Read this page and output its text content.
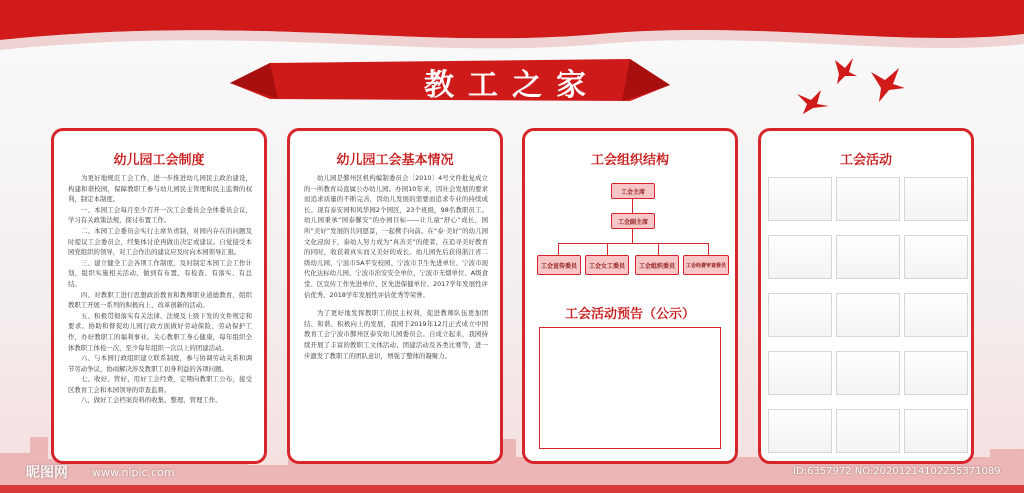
教工之家
幼儿园工会制度

为更好地规范工会工作，进一步推进幼儿园民主政治建设，构建和谐校园，保障教职工参与幼儿园民主管理和民主监督的权利，制定本制度。

一、本园工会每月至少召开一次工会委员会全体委员会议，学习有关政策法规，探讨布置工作。

二、本园工会委员会实行主席负责制，对园内存在的问题及时提议工会委员会，经集体讨论再做出决定或建议。自觉接受本园党组织的领导，对工会作出的建议应及时向本园领导汇报。

三、建立健全工会各项工作制度，及时制定本园工会工作计划，组织实施相关活动，做到有布置、有检查、有落实、有总结。

四、对教职工进行思想政治教育和教师职业道德教育，组织教职工开展一系列的积极向上、改革创新的活动。

五、积极贯彻落实有关法律、法规及上级下发的文件规定和要求。协助和督促幼儿园行政方面做好劳动保险、劳动保护工作，办好教职工的福利事业。关心教职工身心健康，每年组织全体教职工体检一次，至少每年组织一次以上的团建活动。

六、与本园行政组织建立联系制度，参与协调劳动关系和调节劳动争议，协商解决涉及教职工切身利益的各项问题。

七、收好、管好、用好工会经费，定期向教职工公布，接受区教育工会和本园领导的审查监督。

八、做好工会档案资料的收集、整理、管理工作。

幼儿园工会基本情况

幼儿园是鄞州区机构编制委员会〔2010〕4号文件批复成立的一所教育局直属公办幼儿园。办园10年来，因社会发展的要求而追求质量的不断完善，因幼儿发展的需要而追求专业的持续成长。现有泰安园和风华园2个园区，23个班级，98名教职员工。幼儿园秉承“园泰馨安”的办园目标——让儿童“舒心”成长，园所“美好”发展的共同愿景，一起携手向前。在“泰·美好”的幼儿园文化浸润下，泰幼人努力成为“真善美”的使者，在追寻美好教育的同时，收获着真实而又美好的成长。幼儿园先后获得浙江省二级幼儿园、宁波市5A平安校园、宁波市卫生先进单位、宁波市现代化达标幼儿园、宁波市治安安全单位、宁波市无烟单位、A级食堂、区宣传工作先进单位、区先进保健单位、2017学年发展性评估优秀、2018学年发展性评估优秀等荣誉。

为了更好地发挥教职工的民主权利，促进教师队伍更加团结、和谐、积极向上的发展，我园于2019年12月正式成立中国教育工会宁波市鄞州区泰安幼儿园委员会。自成立起来，我园持续开展了丰富的教职工文体活动、团建活动及各类比赛等，进一步激发了教职工的团队意识，增强了整体的凝聚力。

工会组织结构
工会主席
工会副主席
工会宣传委员	工会女工委员	工会组织委员	工会经费审查委员
工会活动预告（公示）
工会活动
昵图网 www.nipic.com	ID:6357972 NO:20201214102255371089
